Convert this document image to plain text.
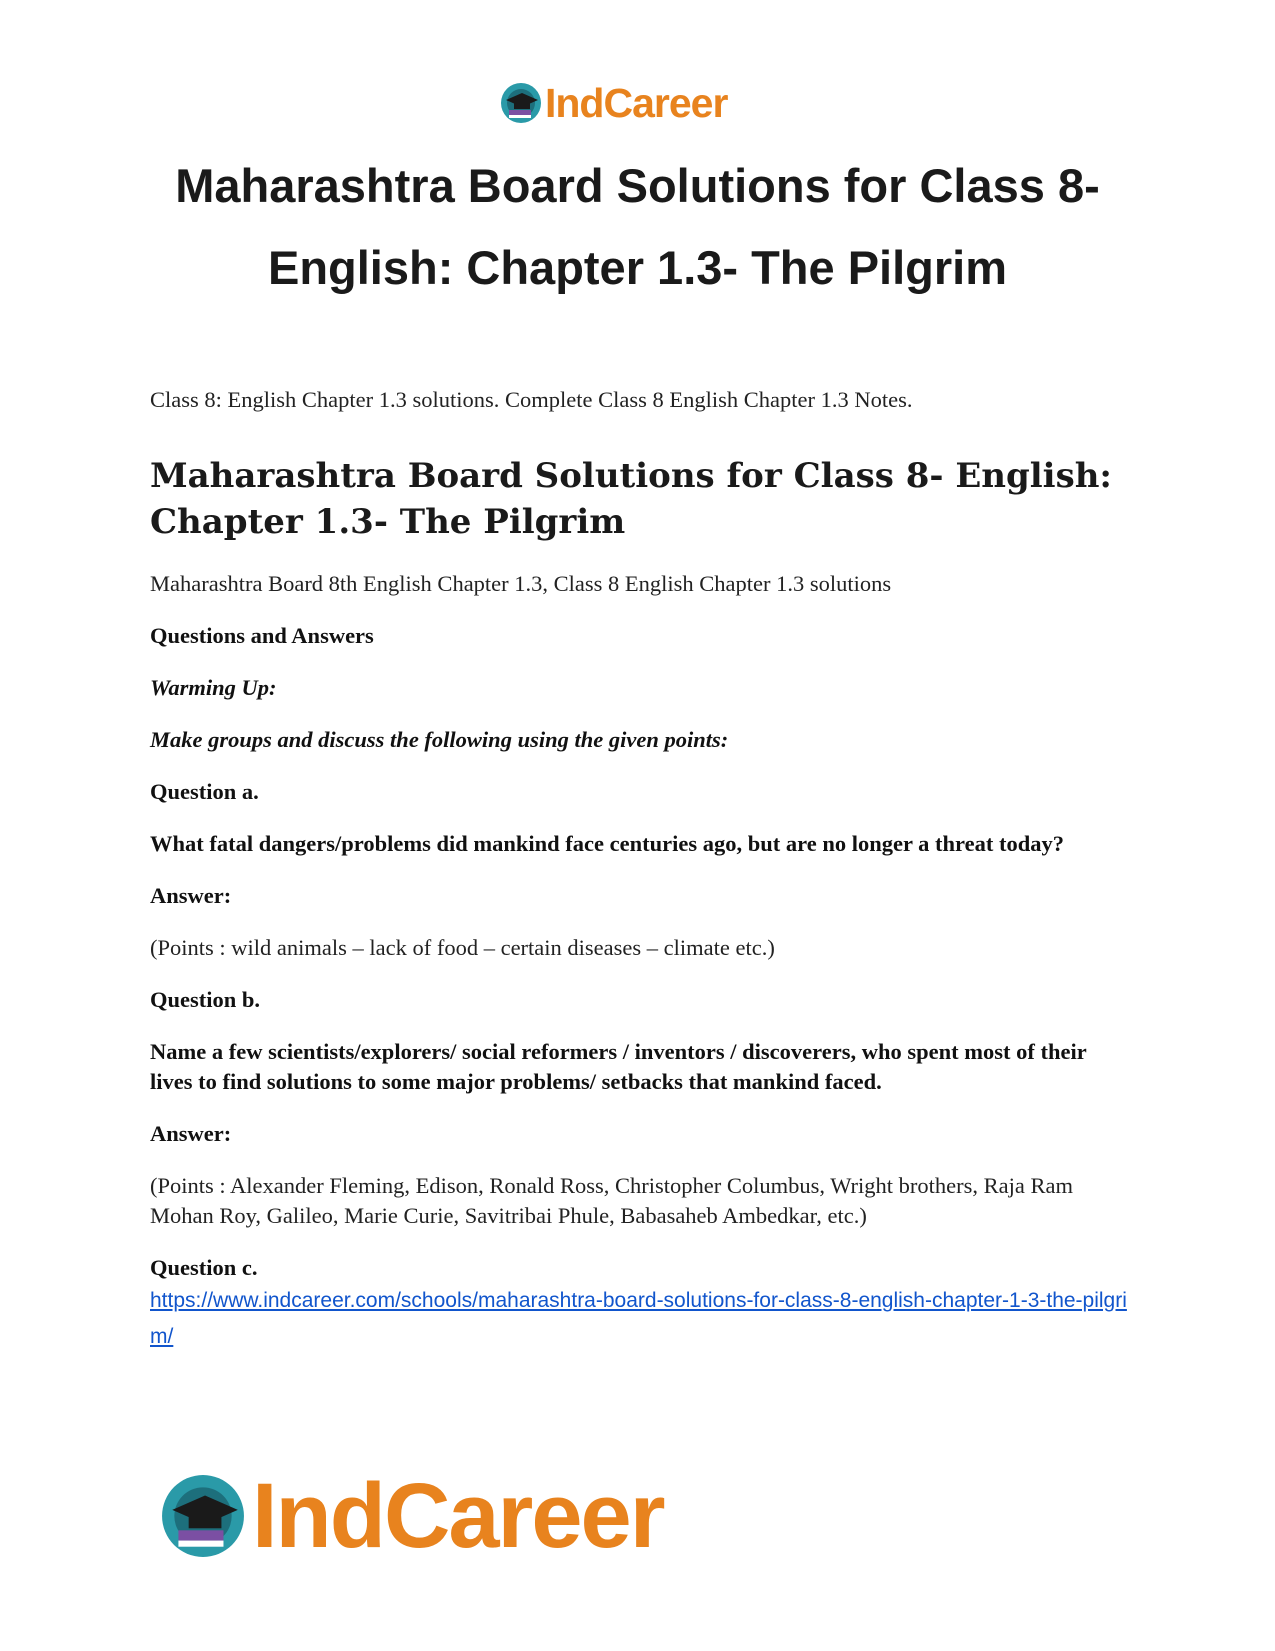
IndCareer
Maharashtra Board Solutions for Class 8- English: Chapter 1.3- The Pilgrim

Class 8: English Chapter 1.3 solutions. Complete Class 8 English Chapter 1.3 Notes.

Maharashtra Board Solutions for Class 8- English: Chapter 1.3- The Pilgrim

Maharashtra Board 8th English Chapter 1.3, Class 8 English Chapter 1.3 solutions

Questions and Answers

Warming Up:

Make groups and discuss the following using the given points:

Question a.

What fatal dangers/problems did mankind face centuries ago, but are no longer a threat today?

Answer:

(Points : wild animals – lack of food – certain diseases – climate etc.)

Question b.

Name a few scientists/explorers/ social reformers / inventors / discoverers, who spent most of their lives to find solutions to some major problems/ setbacks that mankind faced.

Answer:

(Points : Alexander Fleming, Edison, Ronald Ross, Christopher Columbus, Wright brothers, Raja Ram Mohan Roy, Galileo, Marie Curie, Savitribai Phule, Babasaheb Ambedkar, etc.)

Question c.

https://www.indcareer.com/schools/maharashtra-board-solutions-for-class-8-english-chapter-1-3-the-pilgrim/
IndCareer
